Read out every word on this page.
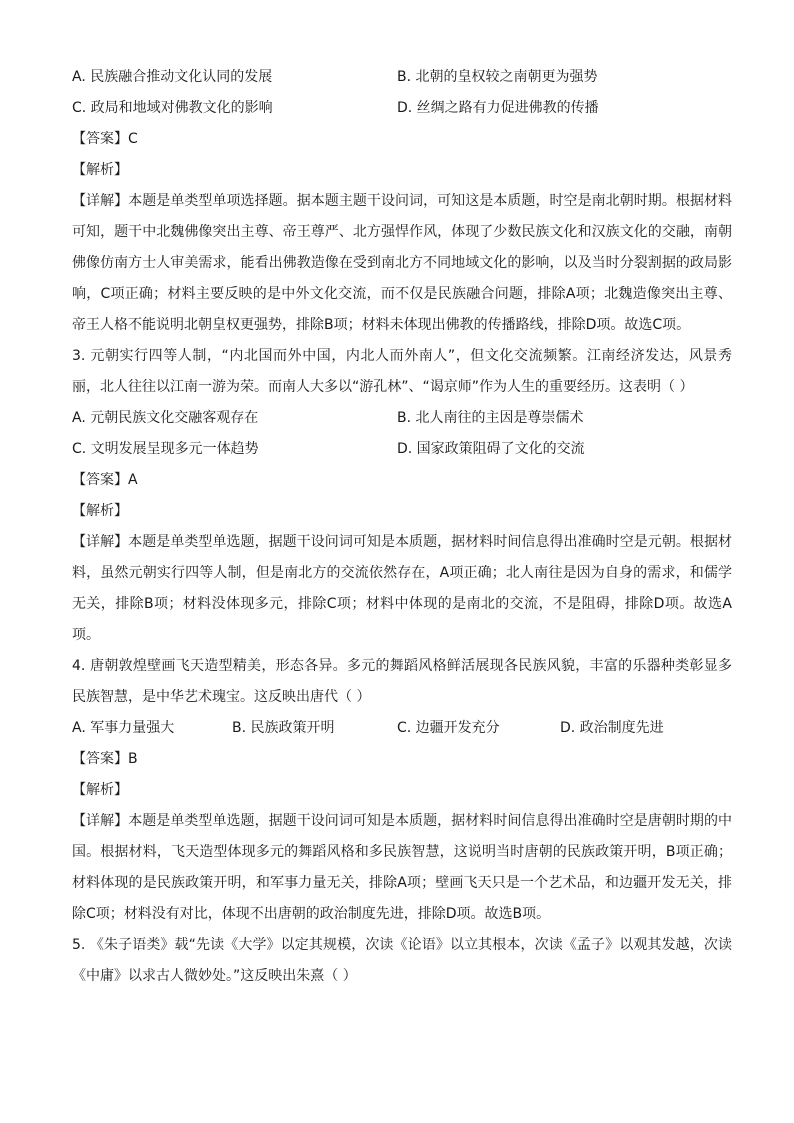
A. 民族融合推动文化认同的发展	B. 北朝的皇权较之南朝更为强势
C. 政局和地域对佛教文化的影响	D. 丝绸之路有力促进佛教的传播
【答案】C
【解析】
【详解】本题是单类型单项选择题。据本题主题干设问词，可知这是本质题，时空是南北朝时期。根据材料可知，题干中北魏佛像突出主尊、帝王尊严、北方强悍作风，体现了少数民族文化和汉族文化的交融，南朝佛像仿南方士人审美需求，能看出佛教造像在受到南北方不同地域文化的影响，以及当时分裂割据的政局影响，C项正确；材料主要反映的是中外文化交流，而不仅是民族融合问题，排除A项；北魏造像突出主尊、帝王人格不能说明北朝皇权更强势，排除B项；材料未体现出佛教的传播路线，排除D项。故选C项。
3. 元朝实行四等人制，“内北国而外中国，内北人而外南人”，但文化交流频繁。江南经济发达，风景秀丽，北人往往以江南一游为荣。而南人大多以“游孔林”、“谒京师”作为人生的重要经历。这表明（ ）
A. 元朝民族文化交融客观存在	B. 北人南往的主因是尊崇儒术
C. 文明发展呈现多元一体趋势	D. 国家政策阻碍了文化的交流
【答案】A
【解析】
【详解】本题是单类型单选题，据题干设问词可知是本质题，据材料时间信息得出准确时空是元朝。根据材料，虽然元朝实行四等人制，但是南北方的交流依然存在，A项正确；北人南往是因为自身的需求，和儒学无关，排除B项；材料没体现多元，排除C项；材料中体现的是南北的交流，不是阻碍，排除D项。故选A项。
4. 唐朝敦煌壁画飞天造型精美，形态各异。多元的舞蹈风格鲜活展现各民族风貌，丰富的乐器种类彰显多民族智慧，是中华艺术瑰宝。这反映出唐代（ ）
A. 军事力量强大	B. 民族政策开明	C. 边疆开发充分	D. 政治制度先进
【答案】B
【解析】
【详解】本题是单类型单选题，据题干设问词可知是本质题，据材料时间信息得出准确时空是唐朝时期的中国。根据材料，飞天造型体现多元的舞蹈风格和多民族智慧，这说明当时唐朝的民族政策开明，B项正确；材料体现的是民族政策开明，和军事力量无关，排除A项；壁画飞天只是一个艺术品，和边疆开发无关，排除C项；材料没有对比，体现不出唐朝的政治制度先进，排除D项。故选B项。
5. 《朱子语类》载“先读《大学》以定其规模，次读《论语》以立其根本，次读《孟子》以观其发越，次读《中庸》以求古人微妙处。”这反映出朱熹（ ）
